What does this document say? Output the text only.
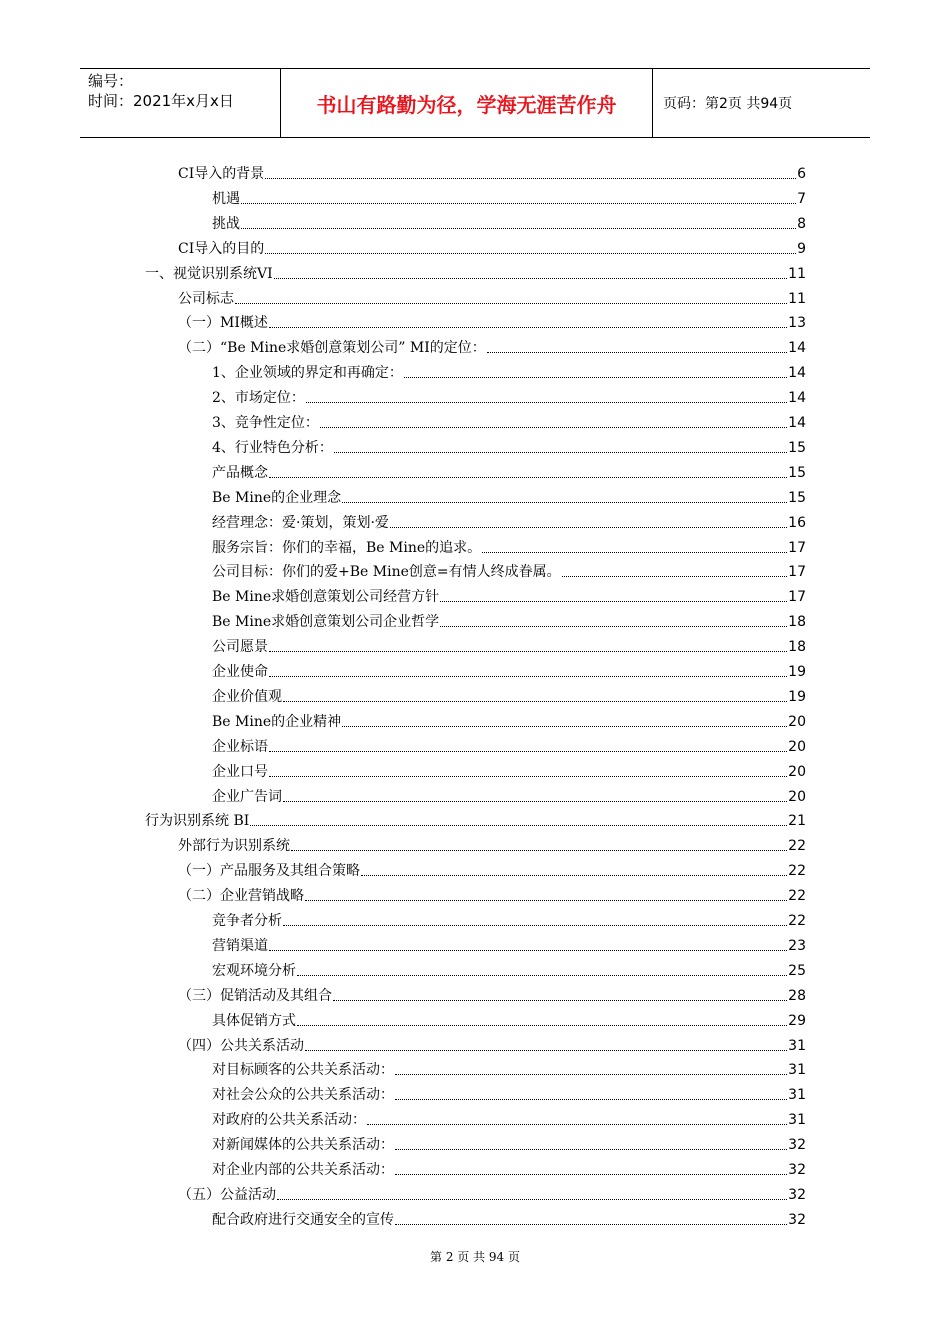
编号：
时间：2021年x月x日	书山有路勤为径，学海无涯苦作舟	页码：第2页 共94页
CI导入的背景	6
机遇	7
挑战	8
CI导入的目的	9
一、视觉识别系统VI	11
公司标志	11
（一）MI概述	13
（二）“Be Mine求婚创意策划公司” MI的定位：	14
1、企业领域的界定和再确定：	14
2、市场定位：	14
3、竞争性定位：	14
4、行业特色分析：	15
产品概念	15
Be Mine的企业理念	15
经营理念：爱·策划，策划·爱	16
服务宗旨：你们的幸福，Be Mine的追求。	17
公司目标：你们的爱+Be Mine创意=有情人终成眷属。	17
Be Mine求婚创意策划公司经营方针	17
Be Mine求婚创意策划公司企业哲学	18
公司愿景	18
企业使命	19
企业价值观	19
Be Mine的企业精神	20
企业标语	20
企业口号	20
企业广告词	20
行为识别系统 BI	21
外部行为识别系统	22
（一）产品服务及其组合策略	22
（二）企业营销战略	22
竞争者分析	22
营销渠道	23
宏观环境分析	25
（三）促销活动及其组合	28
具体促销方式	29
（四）公共关系活动	31
对目标顾客的公共关系活动：	31
对社会公众的公共关系活动：	31
对政府的公共关系活动：	31
对新闻媒体的公共关系活动：	32
对企业内部的公共关系活动：	32
（五）公益活动	32
配合政府进行交通安全的宣传	32
第 2 页 共 94 页
